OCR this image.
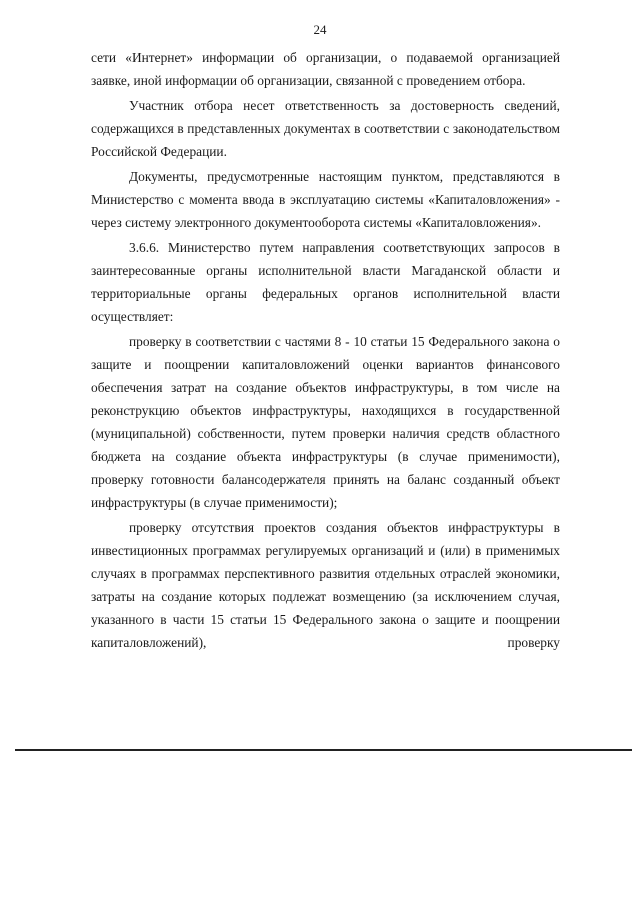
24

сети «Интернет» информации об организации, о подаваемой организацией заявке, иной информации об организации, связанной с проведением отбора.

Участник отбора несет ответственность за достоверность сведений, содержащихся в представленных документах в соответствии с законодательством Российской Федерации.

Документы, предусмотренные настоящим пунктом, представляются в Министерство с момента ввода в эксплуатацию системы «Капиталовложения» - через систему электронного документооборота системы «Капиталовложения».

3.6.6. Министерство путем направления соответствующих запросов в заинтересованные органы исполнительной власти Магаданской области и территориальные органы федеральных органов исполнительной власти осуществляет:

проверку в соответствии с частями 8 - 10 статьи 15 Федерального закона о защите и поощрении капиталовложений оценки вариантов финансового обеспечения затрат на создание объектов инфраструктуры, в том числе на реконструкцию объектов инфраструктуры, находящихся в государственной (муниципальной) собственности, путем проверки наличия средств областного бюджета на создание объекта инфраструктуры (в случае применимости), проверку готовности балансодержателя принять на баланс созданный объект инфраструктуры (в случае применимости);

проверку отсутствия проектов создания объектов инфраструктуры в инвестиционных программах регулируемых организаций и (или) в применимых случаях в программах перспективного развития отдельных отраслей экономики, затраты на создание которых подлежат возмещению (за исключением случая, указанного в части 15 статьи 15 Федерального закона о защите и поощрении капиталовложений), проверку
